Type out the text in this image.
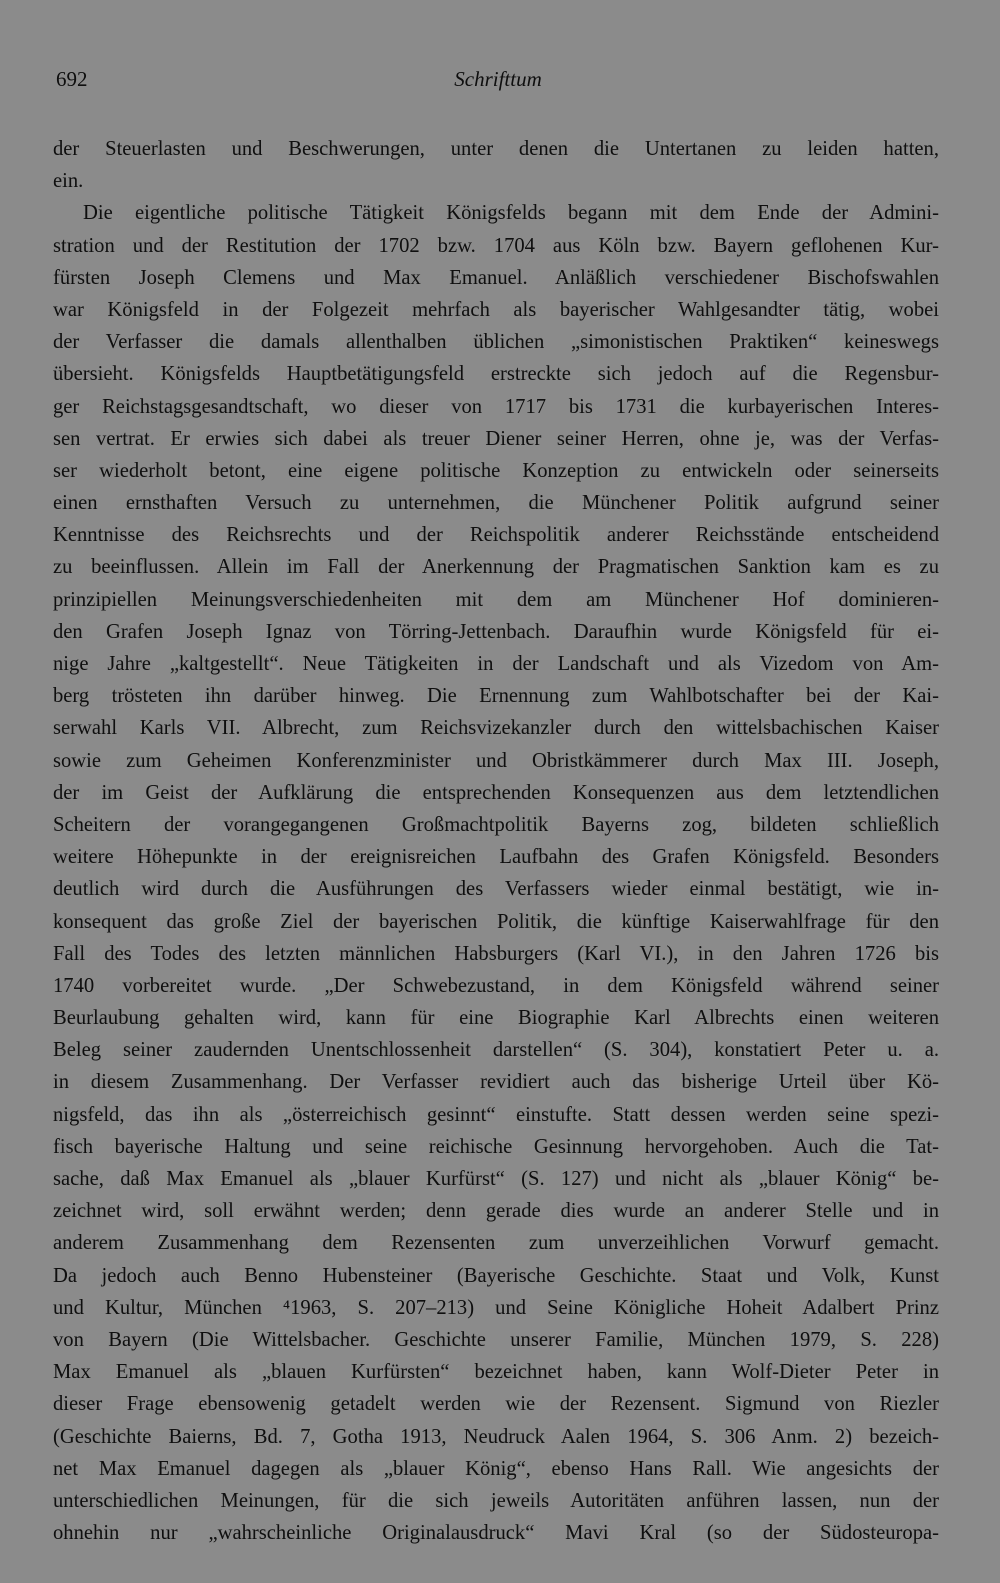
692	Schrifttum
der Steuerlasten und Beschwerungen, unter denen die Untertanen zu leiden hatten,
ein.
Die eigentliche politische Tätigkeit Königsfelds begann mit dem Ende der Admini-
stration und der Restitution der 1702 bzw. 1704 aus Köln bzw. Bayern geflohenen Kur-
fürsten Joseph Clemens und Max Emanuel. Anläßlich verschiedener Bischofswahlen
war Königsfeld in der Folgezeit mehrfach als bayerischer Wahlgesandter tätig, wobei
der Verfasser die damals allenthalben üblichen „simonistischen Praktiken“ keineswegs
übersieht. Königsfelds Hauptbetätigungsfeld erstreckte sich jedoch auf die Regensbur-
ger Reichstagsgesandtschaft, wo dieser von 1717 bis 1731 die kurbayerischen Interes-
sen vertrat. Er erwies sich dabei als treuer Diener seiner Herren, ohne je, was der Verfas-
ser wiederholt betont, eine eigene politische Konzeption zu entwickeln oder seinerseits
einen ernsthaften Versuch zu unternehmen, die Münchener Politik aufgrund seiner
Kenntnisse des Reichsrechts und der Reichspolitik anderer Reichsstände entscheidend
zu beeinflussen. Allein im Fall der Anerkennung der Pragmatischen Sanktion kam es zu
prinzipiellen Meinungsverschiedenheiten mit dem am Münchener Hof dominieren-
den Grafen Joseph Ignaz von Törring-Jettenbach. Daraufhin wurde Königsfeld für ei-
nige Jahre „kaltgestellt“. Neue Tätigkeiten in der Landschaft und als Vizedom von Am-
berg trösteten ihn darüber hinweg. Die Ernennung zum Wahlbotschafter bei der Kai-
serwahl Karls VII. Albrecht, zum Reichsvizekanzler durch den wittelsbachischen Kaiser
sowie zum Geheimen Konferenzminister und Obristkämmerer durch Max III. Joseph,
der im Geist der Aufklärung die entsprechenden Konsequenzen aus dem letztendlichen
Scheitern der vorangegangenen Großmachtpolitik Bayerns zog, bildeten schließlich
weitere Höhepunkte in der ereignisreichen Laufbahn des Grafen Königsfeld. Besonders
deutlich wird durch die Ausführungen des Verfassers wieder einmal bestätigt, wie in-
konsequent das große Ziel der bayerischen Politik, die künftige Kaiserwahlfrage für den
Fall des Todes des letzten männlichen Habsburgers (Karl VI.), in den Jahren 1726 bis
1740 vorbereitet wurde. „Der Schwebezustand, in dem Königsfeld während seiner
Beurlaubung gehalten wird, kann für eine Biographie Karl Albrechts einen weiteren
Beleg seiner zaudernden Unentschlossenheit darstellen“ (S. 304), konstatiert Peter u. a.
in diesem Zusammenhang. Der Verfasser revidiert auch das bisherige Urteil über Kö-
nigsfeld, das ihn als „österreichisch gesinnt“ einstufte. Statt dessen werden seine spezi-
fisch bayerische Haltung und seine reichische Gesinnung hervorgehoben. Auch die Tat-
sache, daß Max Emanuel als „blauer Kurfürst“ (S. 127) und nicht als „blauer König“ be-
zeichnet wird, soll erwähnt werden; denn gerade dies wurde an anderer Stelle und in
anderem Zusammenhang dem Rezensenten zum unverzeihlichen Vorwurf gemacht.
Da jedoch auch Benno Hubensteiner (Bayerische Geschichte. Staat und Volk, Kunst
und Kultur, München ⁴1963, S. 207–213) und Seine Königliche Hoheit Adalbert Prinz
von Bayern (Die Wittelsbacher. Geschichte unserer Familie, München 1979, S. 228)
Max Emanuel als „blauen Kurfürsten“ bezeichnet haben, kann Wolf-Dieter Peter in
dieser Frage ebensowenig getadelt werden wie der Rezensent. Sigmund von Riezler
(Geschichte Baierns, Bd. 7, Gotha 1913, Neudruck Aalen 1964, S. 306 Anm. 2) bezeich-
net Max Emanuel dagegen als „blauer König“, ebenso Hans Rall. Wie angesichts der
unterschiedlichen Meinungen, für die sich jeweils Autoritäten anführen lassen, nun der
ohnehin nur „wahrscheinliche Originalausdruck“ Mavi Kral (so der Südosteuropa-
